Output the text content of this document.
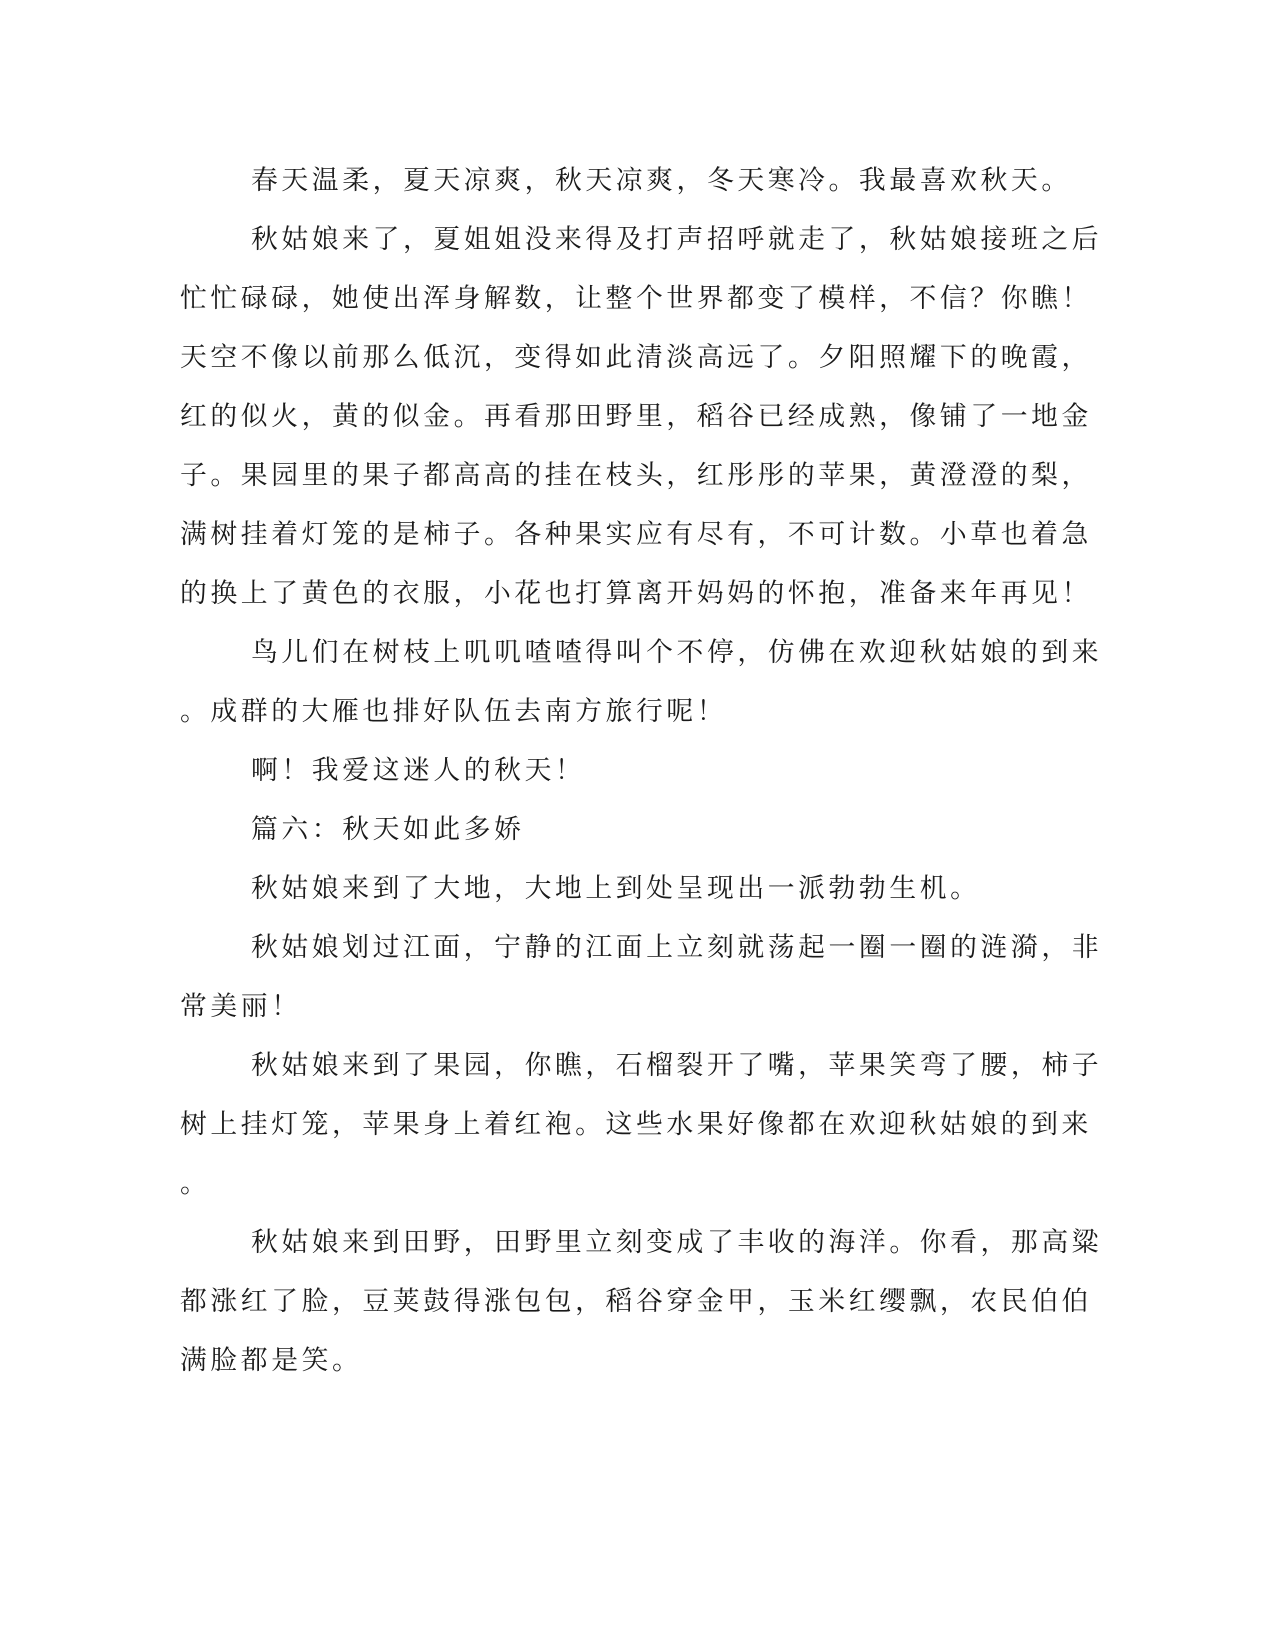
春天温柔，夏天凉爽，秋天凉爽，冬天寒冷。我最喜欢秋天。

秋姑娘来了，夏姐姐没来得及打声招呼就走了，秋姑娘接班之后

忙忙碌碌，她使出浑身解数，让整个世界都变了模样，不信？你瞧！

天空不像以前那么低沉，变得如此清淡高远了。夕阳照耀下的晚霞，

红的似火，黄的似金。再看那田野里，稻谷已经成熟，像铺了一地金

子。果园里的果子都高高的挂在枝头，红彤彤的苹果，黄澄澄的梨，

满树挂着灯笼的是柿子。各种果实应有尽有，不可计数。小草也着急

的换上了黄色的衣服，小花也打算离开妈妈的怀抱，准备来年再见！

鸟儿们在树枝上叽叽喳喳得叫个不停，仿佛在欢迎秋姑娘的到来

。成群的大雁也排好队伍去南方旅行呢！

啊！我爱这迷人的秋天！

篇六：秋天如此多娇

秋姑娘来到了大地，大地上到处呈现出一派勃勃生机。

秋姑娘划过江面，宁静的江面上立刻就荡起一圈一圈的涟漪，非

常美丽！

秋姑娘来到了果园，你瞧，石榴裂开了嘴，苹果笑弯了腰，柿子

树上挂灯笼，苹果身上着红袍。这些水果好像都在欢迎秋姑娘的到来

。

秋姑娘来到田野，田野里立刻变成了丰收的海洋。你看，那高粱

都涨红了脸，豆荚鼓得涨包包，稻谷穿金甲，玉米红缨飘，农民伯伯

满脸都是笑。
